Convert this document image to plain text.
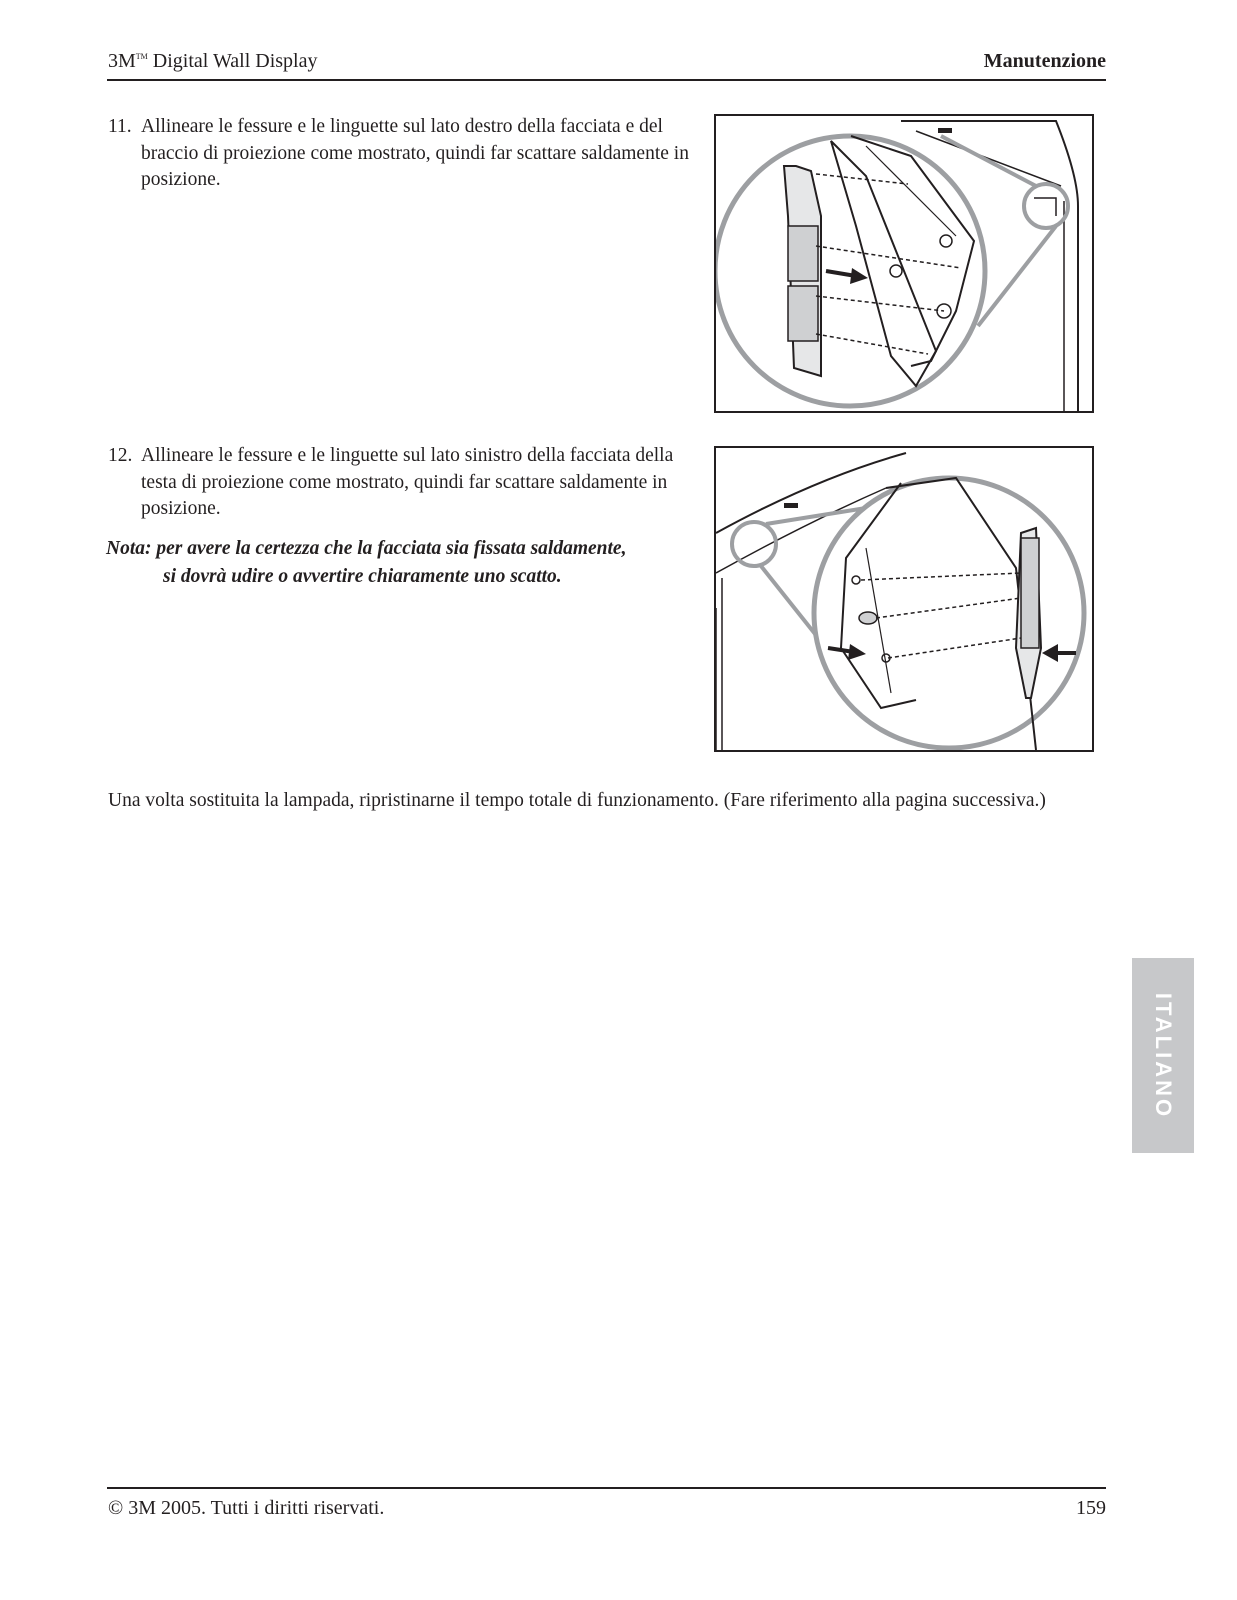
3M™ Digital Wall Display	Manutenzione
11. Allineare le fessure e le linguette sul lato destro della facciata e del braccio di proiezione come mostrato, quindi far scattare saldamente in posizione.
12. Allineare le fessure e le linguette sul lato sinistro della facciata della testa di proiezione come mostrato, quindi far scattare saldamente in posizione.
Nota: per avere la certezza che la facciata sia fissata saldamente,
si dovrà udire o avvertire chiaramente uno scatto.
Una volta sostituita la lampada, ripristinarne il tempo totale di funzionamento. (Fare riferimento alla pagina successiva.)
ITALIANO
© 3M 2005. Tutti i diritti riservati.	159
